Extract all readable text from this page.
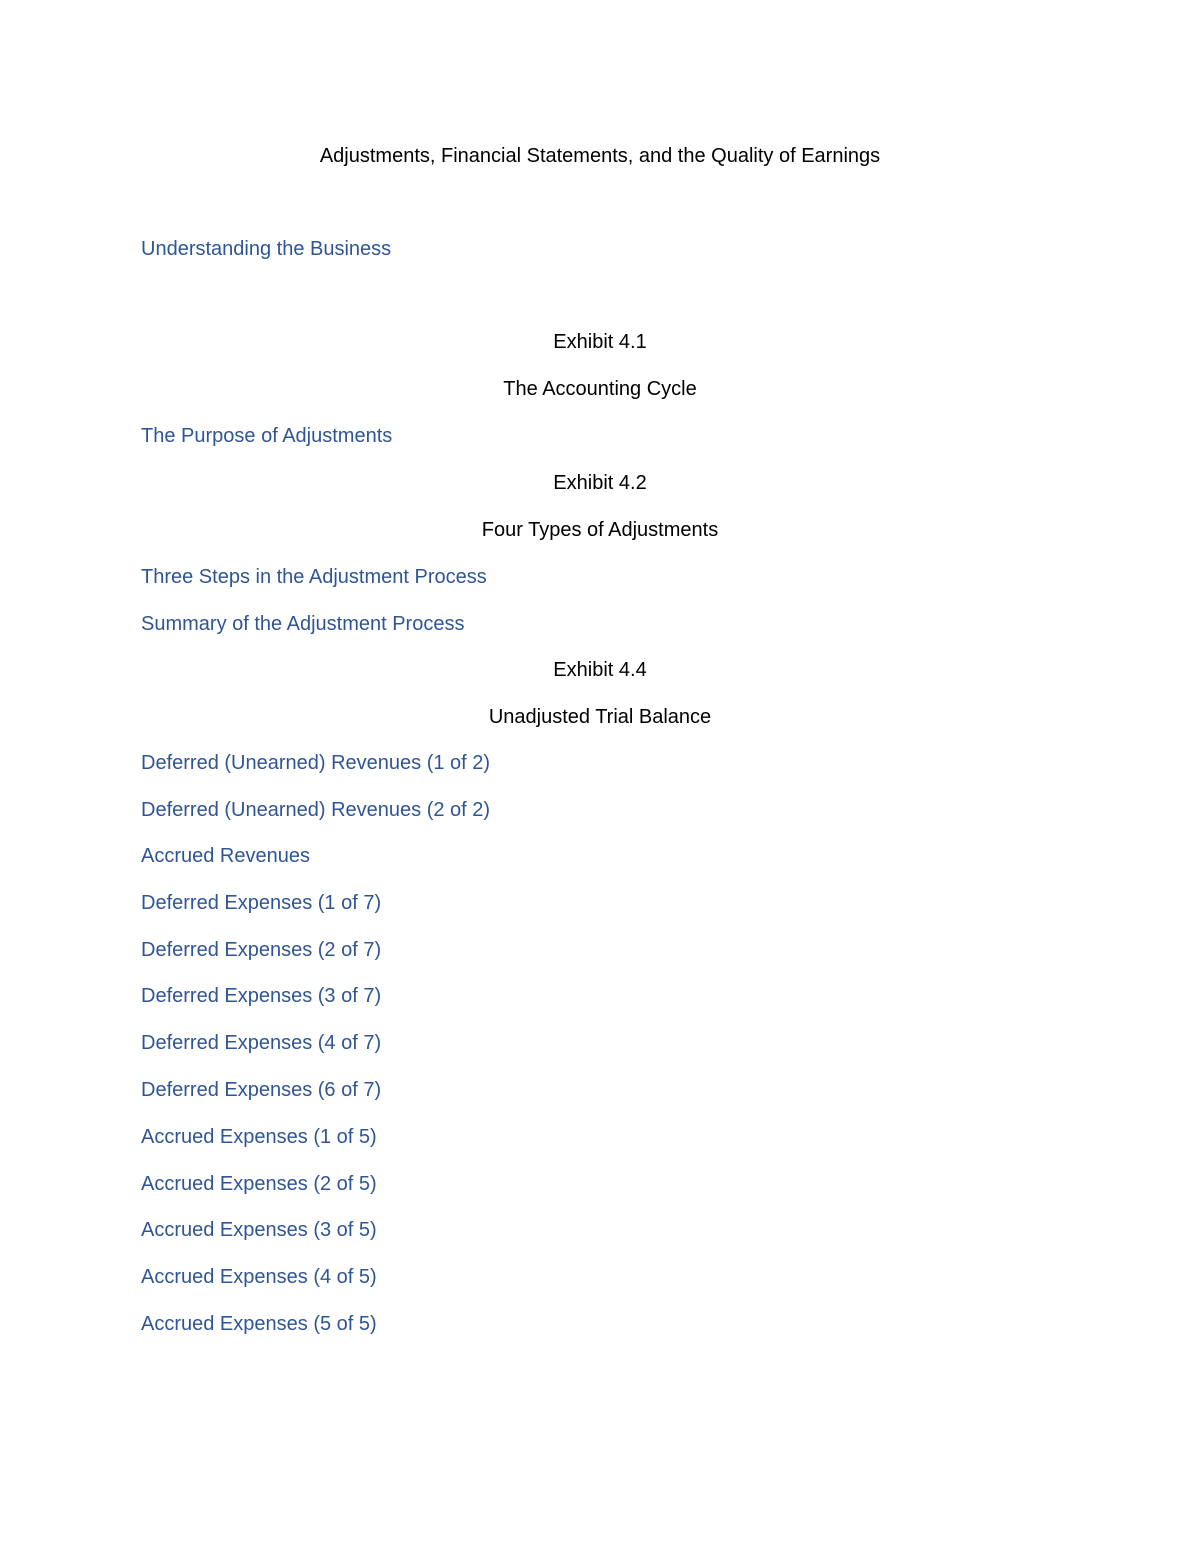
Adjustments, Financial Statements, and the Quality of Earnings
Understanding the Business
Exhibit 4.1
The Accounting Cycle
The Purpose of Adjustments
Exhibit 4.2
Four Types of Adjustments
Three Steps in the Adjustment Process
Summary of the Adjustment Process
Exhibit 4.4
Unadjusted Trial Balance
Deferred (Unearned) Revenues (1 of 2)
Deferred (Unearned) Revenues (2 of 2)
Accrued Revenues
Deferred Expenses (1 of 7)
Deferred Expenses (2 of 7)
Deferred Expenses (3 of 7)
Deferred Expenses (4 of 7)
Deferred Expenses (6 of 7)
Accrued Expenses (1 of 5)
Accrued Expenses (2 of 5)
Accrued Expenses (3 of 5)
Accrued Expenses (4 of 5)
Accrued Expenses (5 of 5)
